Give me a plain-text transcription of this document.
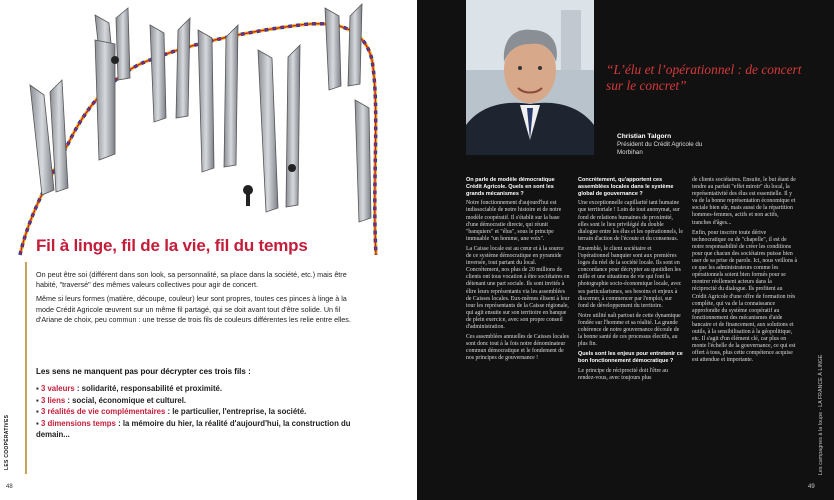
Fil à linge, fil de la vie, fil du temps

On peut être soi (différent dans son look, sa personnalité, sa place dans la société, etc.) mais être habité, "traversé" des mêmes valeurs collectives pour agir de concert.

Même si leurs formes (matière, découpe, couleur) leur sont propres, toutes ces pinces à linge à la mode Crédit Agricole œuvrent sur un même fil partagé, qui se doit avant tout d'être solide. Un fil d'Ariane de choix, peu commun : une tresse de trois fils de couleurs différentes les relie entre elles.

Les sens ne manquent pas pour décrypter ces trois fils :
▪ 3 valeurs : solidarité, responsabilité et proximité.
▪ 3 liens : social, économique et culturel.
▪ 3 réalités de vie complémentaires : le particulier, l'entreprise, la société.
▪ 3 dimensions temps : la mémoire du hier, la réalité d'aujourd'hui, la construction du demain...
LES COOPÉRATIVES
48
“L’élu et l’opérationnel : de concert sur le concret”
Christian Talgorn
Président du Crédit Agricole du Morbihan

On parle de modèle démocratique Crédit Agricole. Quels en sont les grands mécanismes ?

Notre fonctionnement d'aujourd'hui est indissociable de notre histoire et de notre modèle coopératif. Il s'établit sur la base d'une démocratie directe, qui réunit "banquiers" et "élus", sous le principe immuable "un homme, une voix".

La Caisse locale est au cœur et à la source de ce système démocratique en pyramide inversée, tout partant du local. Concrètement, nos plus de 20 millions de clients ont tous vocation à être sociétaires en détenant une part sociale. Ils sont invités à élire leurs représentants via les assemblées de Caisses locales. Eux-mêmes élisent à leur tour les représentants de la Caisse régionale, qui agit ensuite sur son territoire en banque de plein exercice, avec son propre conseil d'administration.

Ces assemblées annuelles de Caisses locales sont donc tout à la fois notre dénominateur commun démocratique et le fondement de nos principes de gouvernance !

Concrètement, qu'apportent ces assemblées locales dans le système global de gouvernance ?

Une exceptionnelle capillarité tant humaine que territoriale ! Loin de tout anonymat, sur fond de relations humaines de proximité, elles sont le lieu privilégié du double dialogue entre les élus et les opérationnels, le terrain d'action de l'écoute et du consensus.

Ensemble, le client sociétaire et l'opérationnel banquier sont aux premières loges du réel de la société locale. Ils sont en concordance pour décrypter au quotidien les mille et une situations de vie qui font la photographie socio-économique locale, avec ses particularismes, ses besoins et enjeux à discerner, à commencer par l'emploi, sur fond de développement du territoire.

Notre utilité naît partout de cette dynamique fondée sur l'homme et sa réalité. La grande cohérence de notre gouvernance découle de la bonne santé de ces processus électifs, au plus fin.

Quels sont les enjeux pour entretenir ce bon fonctionnement démocratique ?

Le principe de réciprocité doit l'être au rendez-vous, avec toujours plus

de clients sociétaires. Ensuite, le but étant de tendre au parfait "effet miroir" du local, la représentativité des élus est essentielle. Il y va de la bonne représentation économique et sociale bien sûr, mais aussi de la répartition hommes-femmes, actifs et non actifs, tranches d'âges...

Enfin, pour inscrire toute dérive technocratique ou de "chapelle", il est de notre responsabilité de créer les conditions pour que chacun des sociétaires puisse bien user de sa prise de parole. Ici, nous veillons à ce que les administrateurs comme les opérationnels soient bien formés pour se montrer réellement acteurs dans la réciprocité du dialogue. Ils profitent au Crédit Agricole d'une offre de formation très complète, qui va de la connaissance approfondie du système coopératif au fonctionnement des mécanismes d'aide bancaire et de financement, aux solutions et outils, à la sensibilisation à la géopolitique, etc. Il s'agit d'un élément clé, car plus on monte l'échelle de la gouvernance, ce qui est offert à tous, plus cette compétence acquise est attendue et importante.	Les campagnes à la loupe - LA FRANCE À LINGE
49
